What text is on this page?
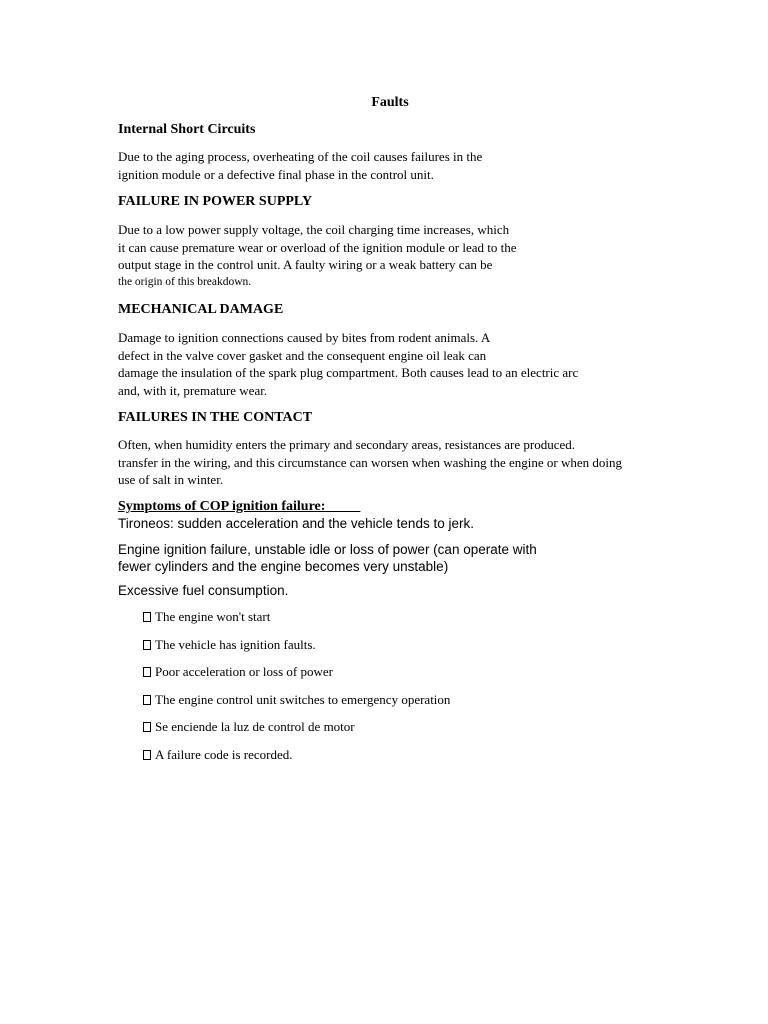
Faults
Internal Short Circuits
Due to the aging process, overheating of the coil causes failures in the
ignition module or a defective final phase in the control unit.
FAILURE IN POWER SUPPLY
Due to a low power supply voltage, the coil charging time increases, which
it can cause premature wear or overload of the ignition module or lead to the
output stage in the control unit. A faulty wiring or a weak battery can be
the origin of this breakdown.
MECHANICAL DAMAGE
Damage to ignition connections caused by bites from rodent animals. A
defect in the valve cover gasket and the consequent engine oil leak can
damage the insulation of the spark plug compartment. Both causes lead to an electric arc
and, with it, premature wear.
FAILURES IN THE CONTACT
Often, when humidity enters the primary and secondary areas, resistances are produced.
transfer in the wiring, and this circumstance can worsen when washing the engine or when doing
use of salt in winter.
Symptoms of COP ignition failure:
Tironeos: sudden acceleration and the vehicle tends to jerk.
Engine ignition failure, unstable idle or loss of power (can operate with
fewer cylinders and the engine becomes very unstable)
Excessive fuel consumption.
The engine won't start
The vehicle has ignition faults.
Poor acceleration or loss of power
The engine control unit switches to emergency operation
Se enciende la luz de control de motor
A failure code is recorded.
